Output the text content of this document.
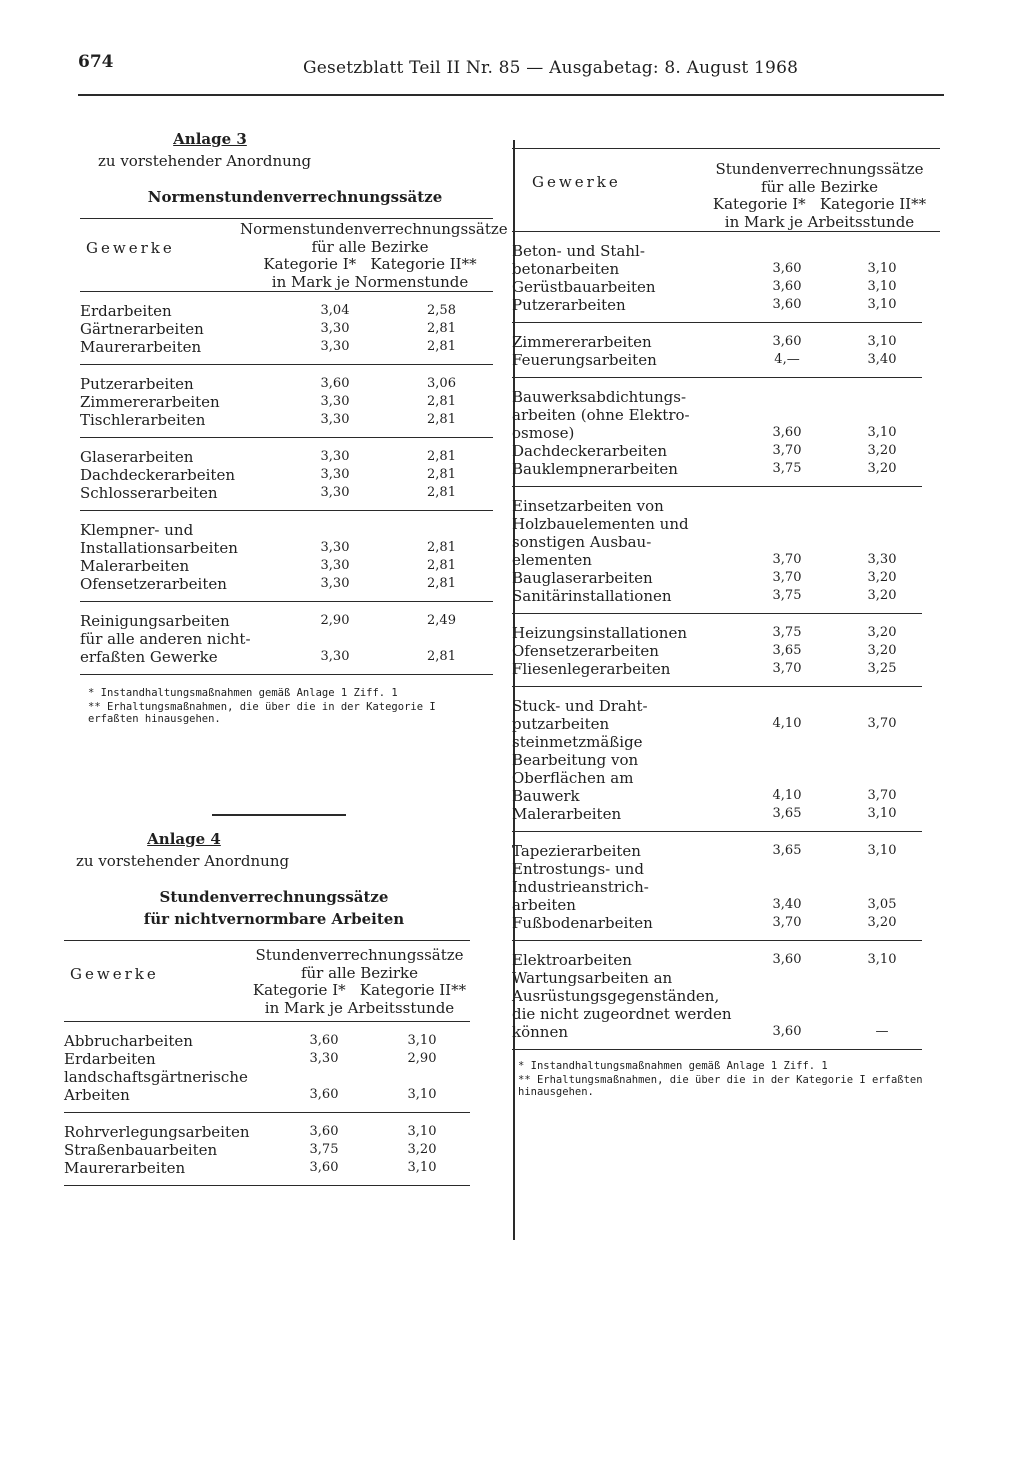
674	Gesetzblatt Teil II Nr. 85 — Ausgabetag: 8. August 1968
Anlage 3
zu vorstehender Anordnung
Normenstundenverrechnungssätze
Gewerke
Normenstundenverrechnungssätze
für alle Bezirke
Kategorie I*   Kategorie II**
in Mark je Normenstunde
Erdarbeiten	3,04	2,58
Gärtnerarbeiten	3,30	2,81
Maurerarbeiten	3,30	2,81
Putzerarbeiten	3,60	3,06
Zimmererarbeiten	3,30	2,81
Tischlerarbeiten	3,30	2,81
Glaserarbeiten	3,30	2,81
Dachdeckerarbeiten	3,30	2,81
Schlosserarbeiten	3,30	2,81
Klempner- und
Installationsarbeiten	3,30	2,81
Malerarbeiten	3,30	2,81
Ofensetzerarbeiten	3,30	2,81
Reinigungsarbeiten	2,90	2,49
für alle anderen nicht-
erfaßten Gewerke	3,30	2,81
* Instandhaltungsmaßnahmen gemäß Anlage 1 Ziff. 1
** Erhaltungsmaßnahmen, die über die in der Kategorie I erfaßten hinausgehen.
Anlage 4
zu vorstehender Anordnung
Stundenverrechnungssätze
für nichtvernormbare Arbeiten
Gewerke
Stundenverrechnungssätze
für alle Bezirke
Kategorie I*   Kategorie II**
in Mark je Arbeitsstunde
Abbrucharbeiten	3,60	3,10
Erdarbeiten	3,30	2,90
landschaftsgärtnerische
Arbeiten	3,60	3,10
Rohrverlegungsarbeiten	3,60	3,10
Straßenbauarbeiten	3,75	3,20
Maurerarbeiten	3,60	3,10
Gewerke
Stundenverrechnungssätze
für alle Bezirke
Kategorie I*   Kategorie II**
in Mark je Arbeitsstunde
Beton- und Stahl-
betonarbeiten	3,60	3,10
Gerüstbauarbeiten	3,60	3,10
Putzerarbeiten	3,60	3,10
Zimmererarbeiten	3,60	3,10
Feuerungsarbeiten	4,—	3,40
Bauwerksabdichtungs-
arbeiten (ohne Elektro-
osmose)	3,60	3,10
Dachdeckerarbeiten	3,70	3,20
Bauklempnerarbeiten	3,75	3,20
Einsetzarbeiten von
Holzbauelementen und
sonstigen Ausbau-
elementen	3,70	3,30
Bauglaserarbeiten	3,70	3,20
Sanitärinstallationen	3,75	3,20
Heizungsinstallationen	3,75	3,20
Ofensetzerarbeiten	3,65	3,20
Fliesenlegerarbeiten	3,70	3,25
Stuck- und Draht-
putzarbeiten	4,10	3,70
steinmetzmäßige
Bearbeitung von
Oberflächen am
Bauwerk	4,10	3,70
Malerarbeiten	3,65	3,10
Tapezierarbeiten	3,65	3,10
Entrostungs- und
Industrieanstrich-
arbeiten	3,40	3,05
Fußbodenarbeiten	3,70	3,20
Elektroarbeiten	3,60	3,10
Wartungsarbeiten an
Ausrüstungsgegenständen,
die nicht zugeordnet werden
können	3,60	—
* Instandhaltungsmaßnahmen gemäß Anlage 1 Ziff. 1
** Erhaltungsmaßnahmen, die über die in der Kategorie I erfaßten hinausgehen.
